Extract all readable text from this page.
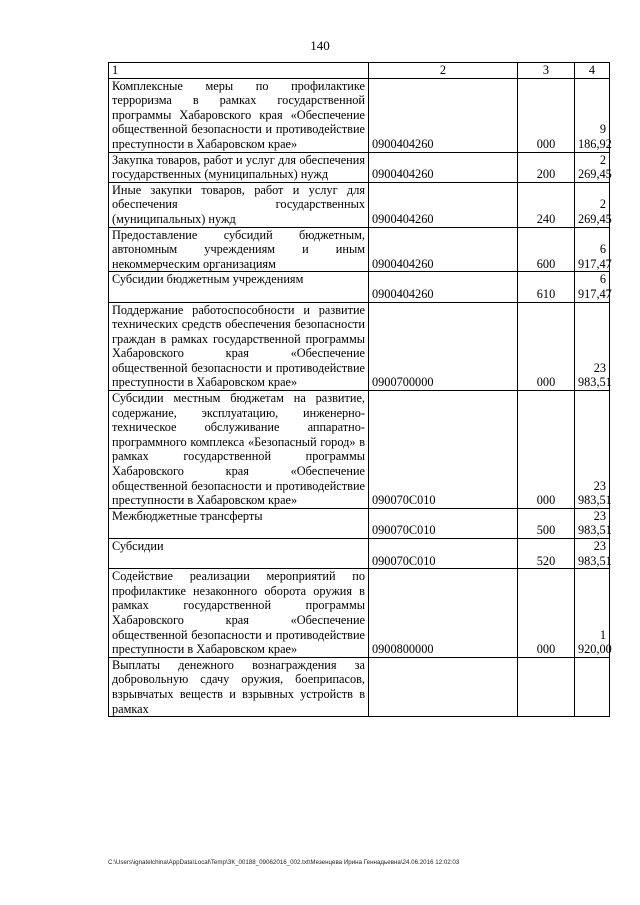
140
1	2	3	4
Комплексные меры по профилактике терроризма в рамках государственной программы Хабаровского края «Обеспечение общественной безопасности и противодействие преступности в Хабаровском крае»	0900404260	000	9 186,92
Закупка товаров, работ и услуг для обеспечения государственных (муниципальных) нужд	0900404260	200	2 269,45
Иные закупки товаров, работ и услуг для обеспечения государственных (муниципальных) нужд	0900404260	240	2 269,45
Предоставление субсидий бюджетным, автономным учреждениям и иным некоммерческим организациям	0900404260	600	6 917,47
Субсидии бюджетным учреждениям	0900404260	610	6 917,47
Поддержание работоспособности и развитие технических средств обеспечения безопасности граждан в рамках государственной программы Хабаровского края «Обеспечение общественной безопасности и противодействие преступности в Хабаровском крае»	0900700000	000	23 983,51
Субсидии местным бюджетам на развитие, содержание, эксплуатацию, инженерно-техническое обслуживание аппаратно-программного комплекса «Безопасный город» в рамках государственной программы Хабаровского края «Обеспечение общественной безопасности и противодействие преступности в Хабаровском крае»	090070С010	000	23 983,51
Межбюджетные трансферты	090070С010	500	23 983,51
Субсидии	090070С010	520	23 983,51
Содействие реализации мероприятий по профилактике незаконного оборота оружия в рамках государственной программы Хабаровского края «Обеспечение общественной безопасности и противодействие преступности в Хабаровском крае»	0900800000	000	1 920,00
Выплаты денежного вознаграждения за добровольную сдачу оружия, боеприпасов, взрывчатых веществ и взрывных устройств в рамках			
C:\Users\ignatelchina\AppData\Local\Temp\ЗК_00188_09062016_002.txt\Мезенцева Ирина Геннадьевна\24.06.2016 12:02:03
